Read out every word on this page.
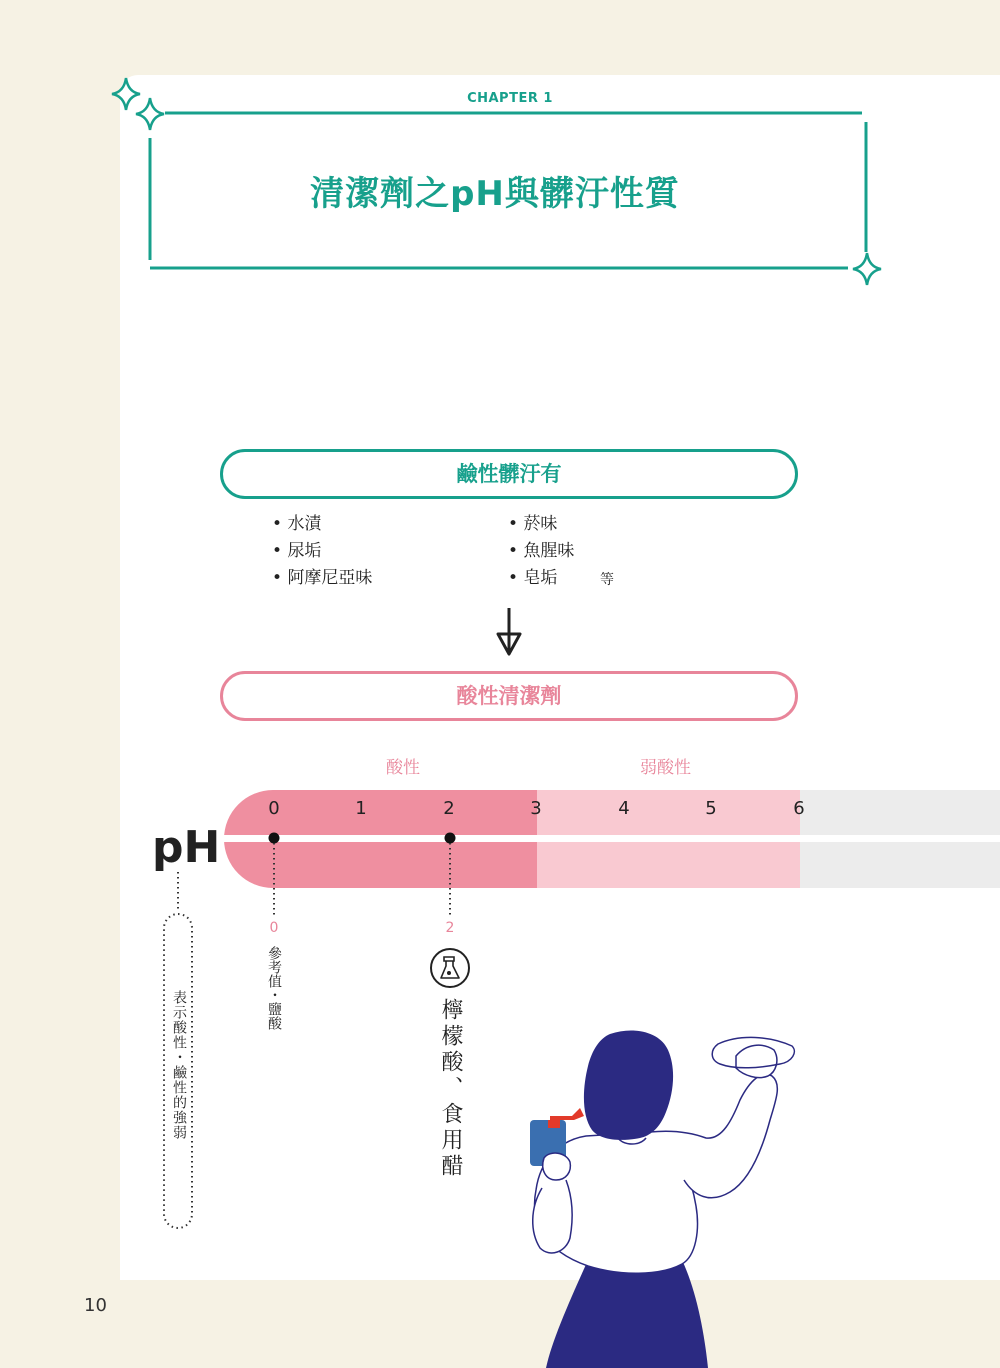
CHAPTER 1
清潔劑之pH與髒汙性質
鹼性髒汙有
• 水漬
• 尿垢
• 阿摩尼亞味
• 菸味
• 魚腥味
• 皂垢	等
酸性清潔劑
酸性	弱酸性
0	1	2	3	4	5	6
pH
0
參考值・鹽酸
2
檸檬酸、食用醋
表示酸性・鹼性的強弱
10
